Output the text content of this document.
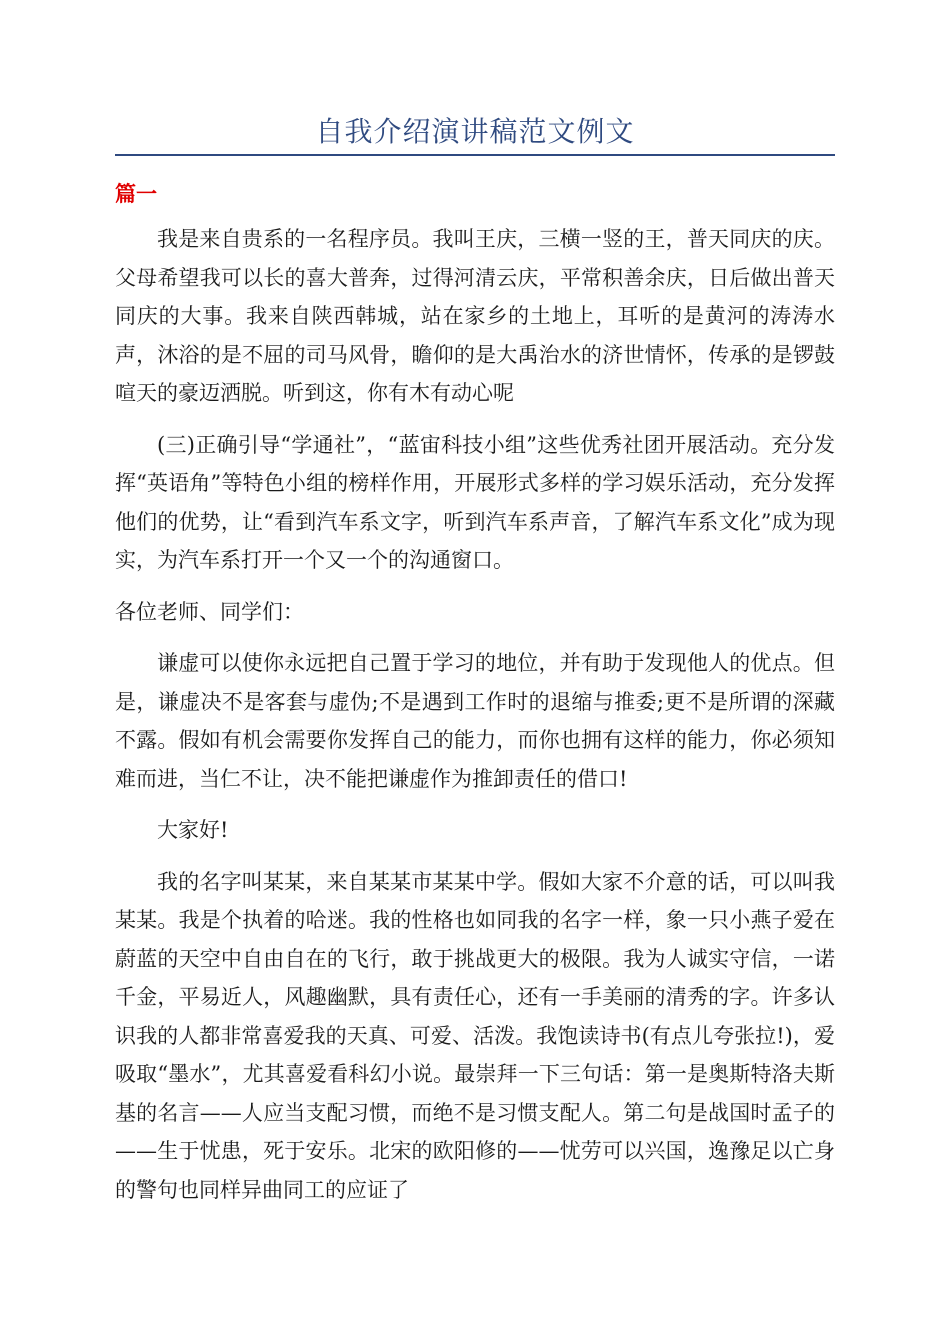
自我介绍演讲稿范文例文
篇一

我是来自贵系的一名程序员。我叫王庆，三横一竖的王，普天同庆的庆。父母希望我可以长的喜大普奔，过得河清云庆，平常积善余庆，日后做出普天同庆的大事。我来自陕西韩城，站在家乡的土地上，耳听的是黄河的涛涛水声，沐浴的是不屈的司马风骨，瞻仰的是大禹治水的济世情怀，传承的是锣鼓喧天的豪迈洒脱。听到这，你有木有动心呢

(三)正确引导“学通社”，“蓝宙科技小组”这些优秀社团开展活动。充分发挥“英语角”等特色小组的榜样作用，开展形式多样的学习娱乐活动，充分发挥他们的优势，让“看到汽车系文字，听到汽车系声音，了解汽车系文化”成为现实，为汽车系打开一个又一个的沟通窗口。

各位老师、同学们：

谦虚可以使你永远把自己置于学习的地位，并有助于发现他人的优点。但是，谦虚决不是客套与虚伪;不是遇到工作时的退缩与推委;更不是所谓的深藏不露。假如有机会需要你发挥自己的能力，而你也拥有这样的能力，你必须知难而进，当仁不让，决不能把谦虚作为推卸责任的借口!

大家好!

我的名字叫某某，来自某某市某某中学。假如大家不介意的话，可以叫我某某。我是个执着的哈迷。我的性格也如同我的名字一样，象一只小燕子爱在蔚蓝的天空中自由自在的飞行，敢于挑战更大的极限。我为人诚实守信，一诺千金，平易近人，风趣幽默，具有责任心，还有一手美丽的清秀的字。许多认识我的人都非常喜爱我的天真、可爱、活泼。我饱读诗书(有点儿夸张拉!)，爱吸取“墨水”，尤其喜爱看科幻小说。最崇拜一下三句话：第一是奥斯特洛夫斯基的名言——人应当支配习惯，而绝不是习惯支配人。第二句是战国时孟子的——生于忧患，死于安乐。北宋的欧阳修的——忧劳可以兴国，逸豫足以亡身的警句也同样异曲同工的应证了
